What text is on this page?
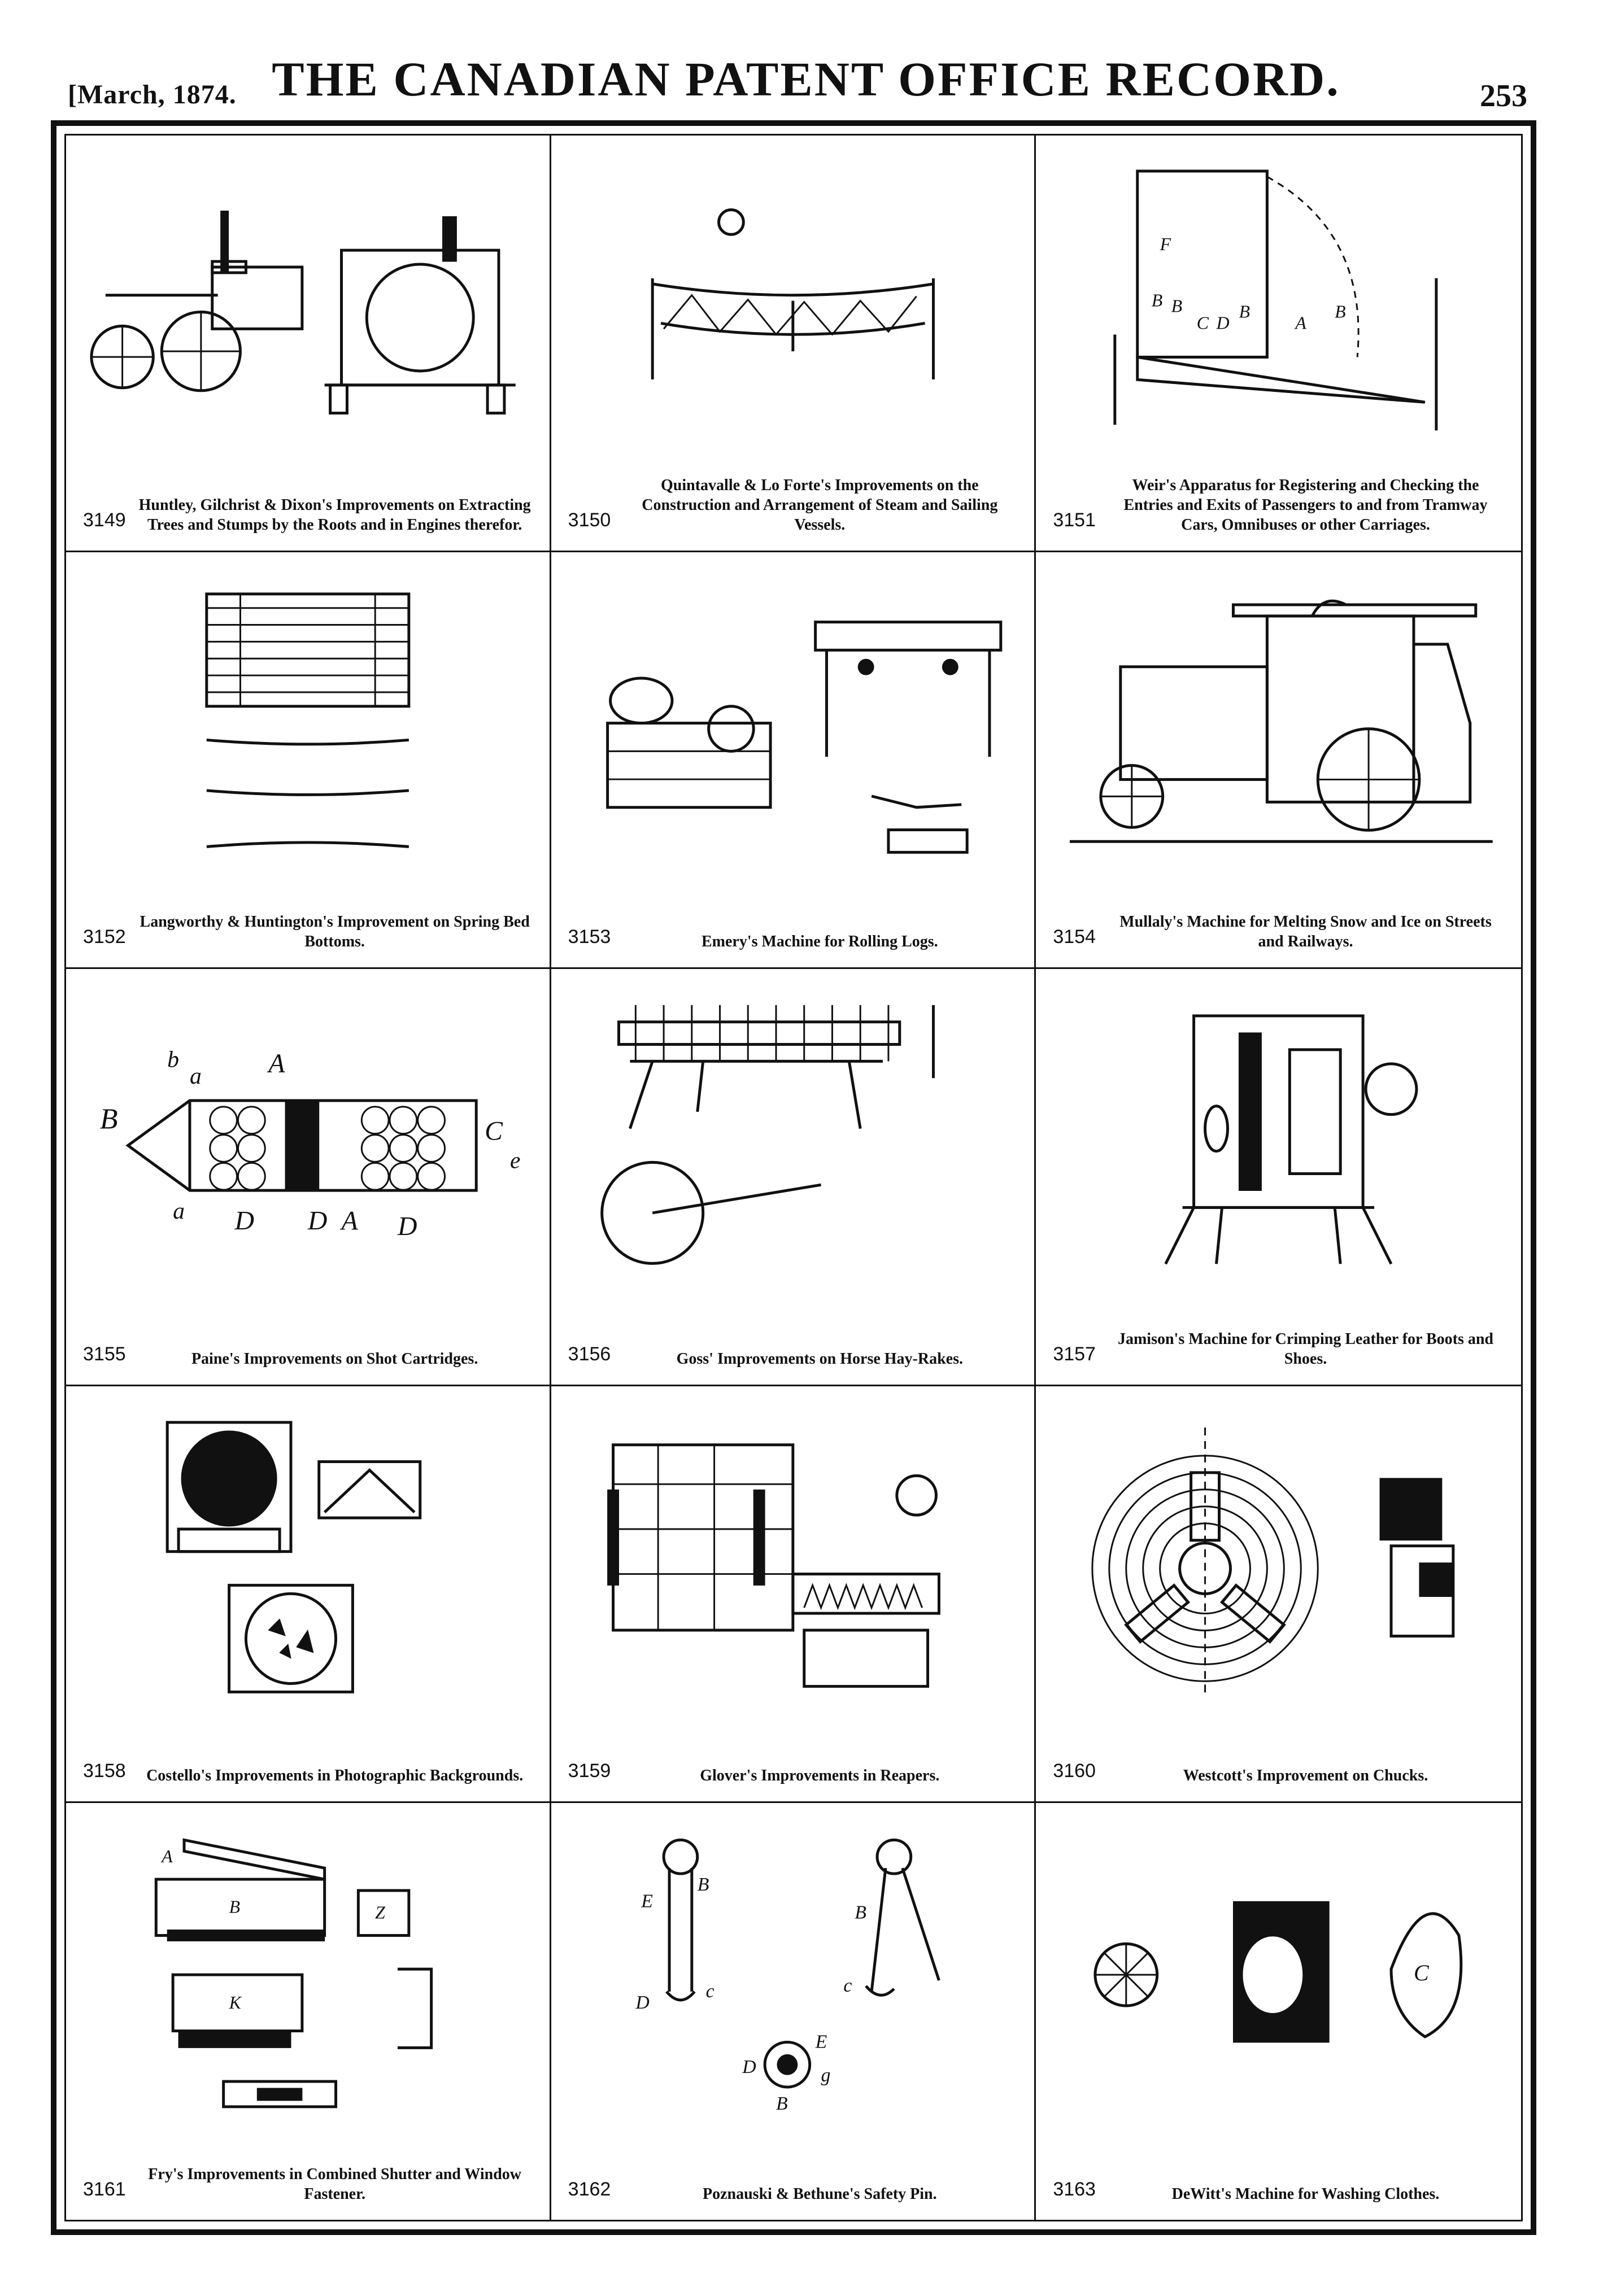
[March, 1874. THE CANADIAN PATENT OFFICE RECORD.	253
3149
Huntley, Gilchrist & Dixon's Improvements on Extracting Trees and Stumps by the Roots and in Engines therefor.	3150
Quintavalle & Lo Forte's Improvements on the Construction and Arrangement of Steam and Sailing Vessels.
B B
F
C D
B
A
B
3151
Weir's Apparatus for Registering and Checking the Entries and Exits of Passengers to and from Tramway Cars, Omnibuses or other Carriages.
3152
Langworthy & Huntington's Improvement on Spring Bed Bottoms.	3153	Emery's Machine for Rolling Logs.	3154
Mullaly's Machine for Melting Snow and Ice on Streets and Railways.
b
a A
B	C
e
a D D A D
3155	Paine's Improvements on Shot Cartridges.	3156	Goss' Improvements on Horse Hay-Rakes.	3157
Jamison's Machine for Crimping Leather for Boots and Shoes.
3158	Costello's Improvements in Photographic Backgrounds.	3159	Glover's Improvements in Reapers.	3160	Westcott's Improvement on Chucks.
A
B	Z
K
3161
Fry's Improvements in Combined Shutter and Window Fastener.
E
B
c
D
B
c
E
D	g
B
3162	Poznauski & Bethune's Safety Pin.
C
3163	DeWitt's Machine for Washing Clothes.
